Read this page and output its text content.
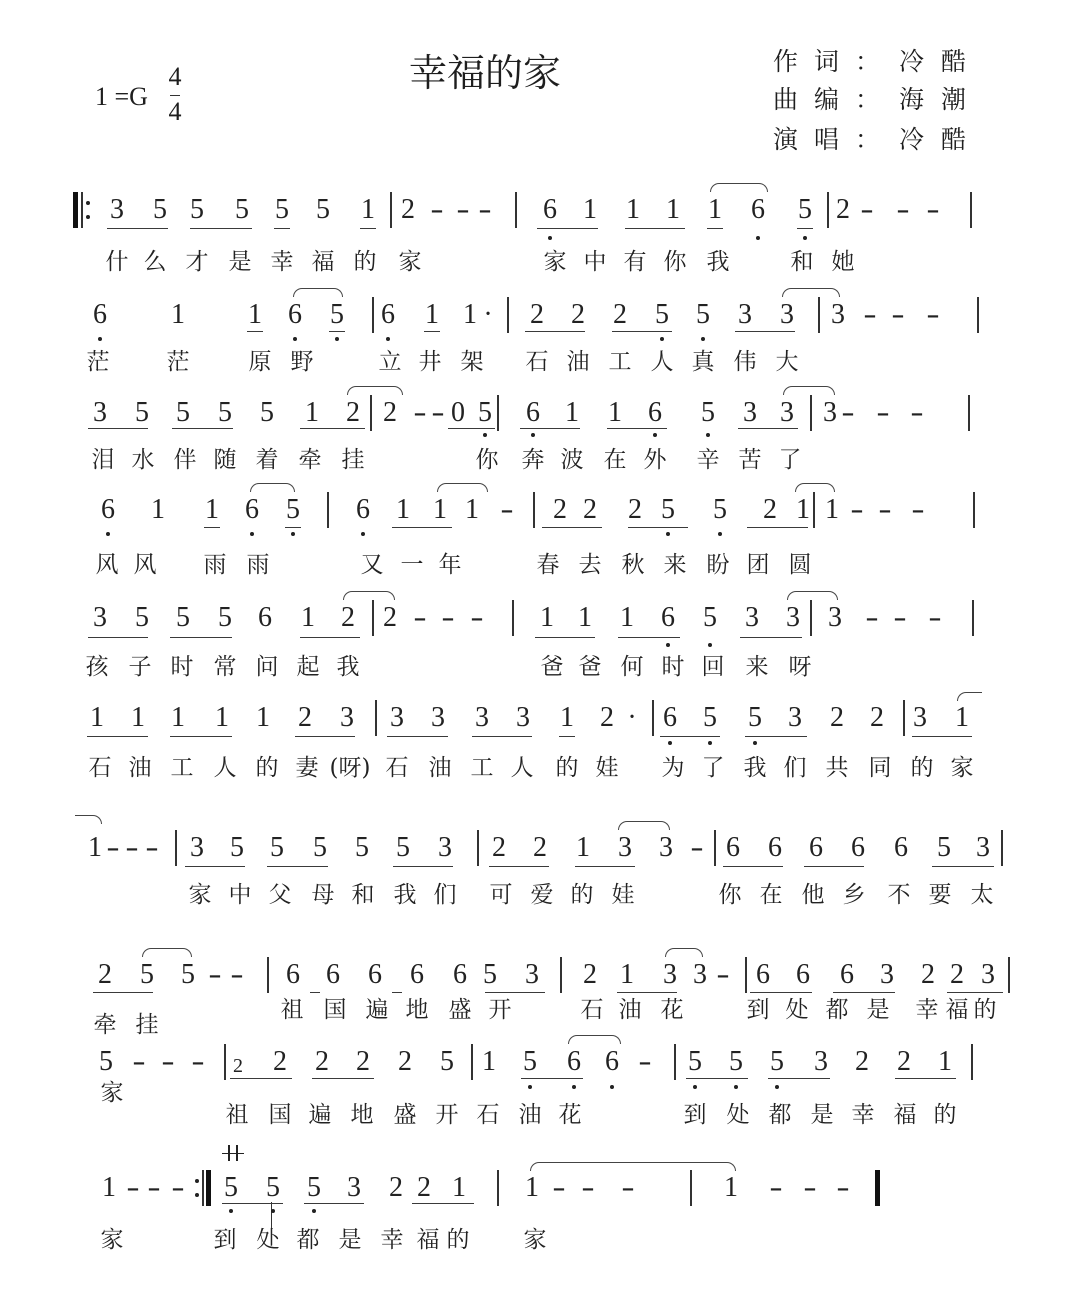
1 =G
4
4
幸福的家	作词： 冷酷
曲编： 海潮
演唱： 冷酷
3 5 5 5 5 5 1 2 - - - 6 1 1 1 1 6 5 2 - - -
什 么 才 是 幸 福 的 家	家 中 有 你 我	和 她
6 1 1 6 5 6 1 1 · 2 2 2 5 5 3 3 3 - - -
茫 茫	原 野	立 井 架 石 油 工 人 真 伟 大
3 5 5 5 5 1 2 2 - - 0 5 6 1 1 6 5 3 3 3 - - -
泪 水 伴 随 着 牵 挂	你 奔 波 在 外 辛 苦 了
6 1 1 6 5 6 1 1 1 - 2 2 2 5 5 2 1 1 - - -
风 风 雨 雨	又 一 年	春 去 秋 来 盼 团 圆
3 5 5 5 6 1 2 2 - - - 1 1 1 6 5 3 3 3 - - -
孩 子 时 常 问 起 我	爸 爸 何 时 回 来 呀
1 1 1 1 1 2 3 3 3 3 3 1 2 · 6 5 5 3 2 2 3 1
石 油 工 人 的 妻 (呀) 石 油 工 人 的 娃 为 了 我 们 共 同 的 家
1 - - - 3 5 5 5 5 5 3 2 2 1 3 3 - 6 6 6 6 6 5 3
家 中 父 母 和 我 们 可 爱 的 娃	你 在 他 乡 不 要 太
2 5 5 - - 6 6 6 6 6 5 3 2 1 3 3 - 6 6 6 3 2 2 3
牵 挂
祖 国 遍 地 盛 开	石 油 花	到 处 都 是 幸 福 的
5 - - - 2 2 2 2 2 5 1 5 6 6 - 5 5 5 3 2 2 1
家
祖 国 遍 地 盛 开 石 油 花	到 处 都 是 幸 福 的
1 - - - 5 5 5 3 2 2 1 1 - - -	1 - - -
家	到 处 都 是 幸 福 的 家
